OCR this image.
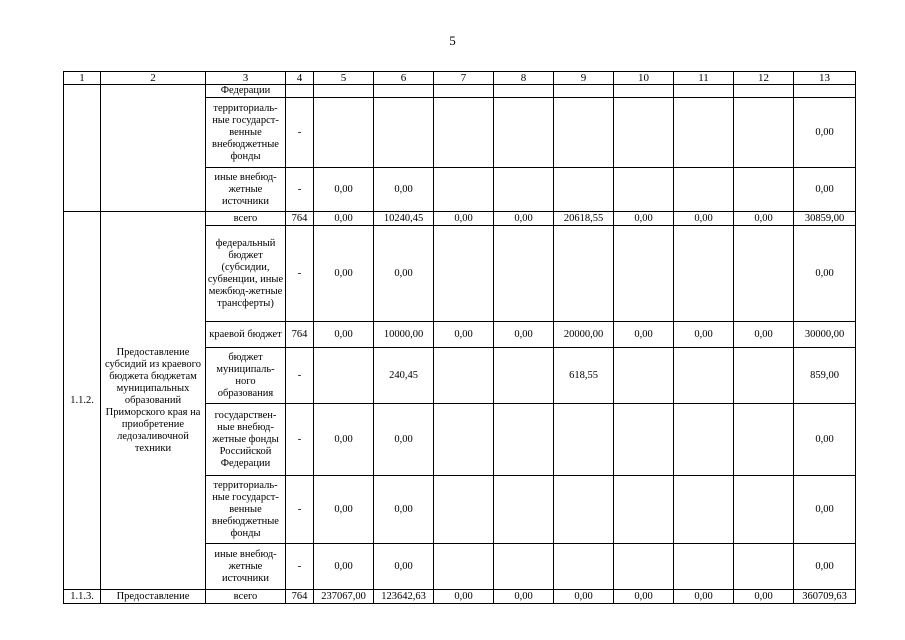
5
1	2	3	4	5	6	7	8	9	10	11	12	13
		Федерации										
		территориаль-ные государст-венные внебюджетные фонды	-									0,00
		иные внебюд-жетные источники	-	0,00	0,00							0,00
1.1.2.	Предоставление субсидий из краевого бюджета бюджетам муниципальных образований Приморского края на приобретение ледозаливочной техники	всего	764	0,00	10240,45	0,00	0,00	20618,55	0,00	0,00	0,00	30859,00
		федеральный бюджет (субсидии, субвенции, иные межбюд-жетные трансферты)	-	0,00	0,00							0,00
		краевой бюджет	764	0,00	10000,00	0,00	0,00	20000,00	0,00	0,00	0,00	30000,00
		бюджет муниципаль-ного образования	-		240,45			618,55				859,00
		государствен-ные внебюд-жетные фонды Российской Федерации	-	0,00	0,00							0,00
		территориаль-ные государст-венные внебюджетные фонды	-	0,00	0,00							0,00
		иные внебюд-жетные источники	-	0,00	0,00							0,00
1.1.3.	Предоставление	всего	764	237067,00	123642,63	0,00	0,00	0,00	0,00	0,00	0,00	360709,63
